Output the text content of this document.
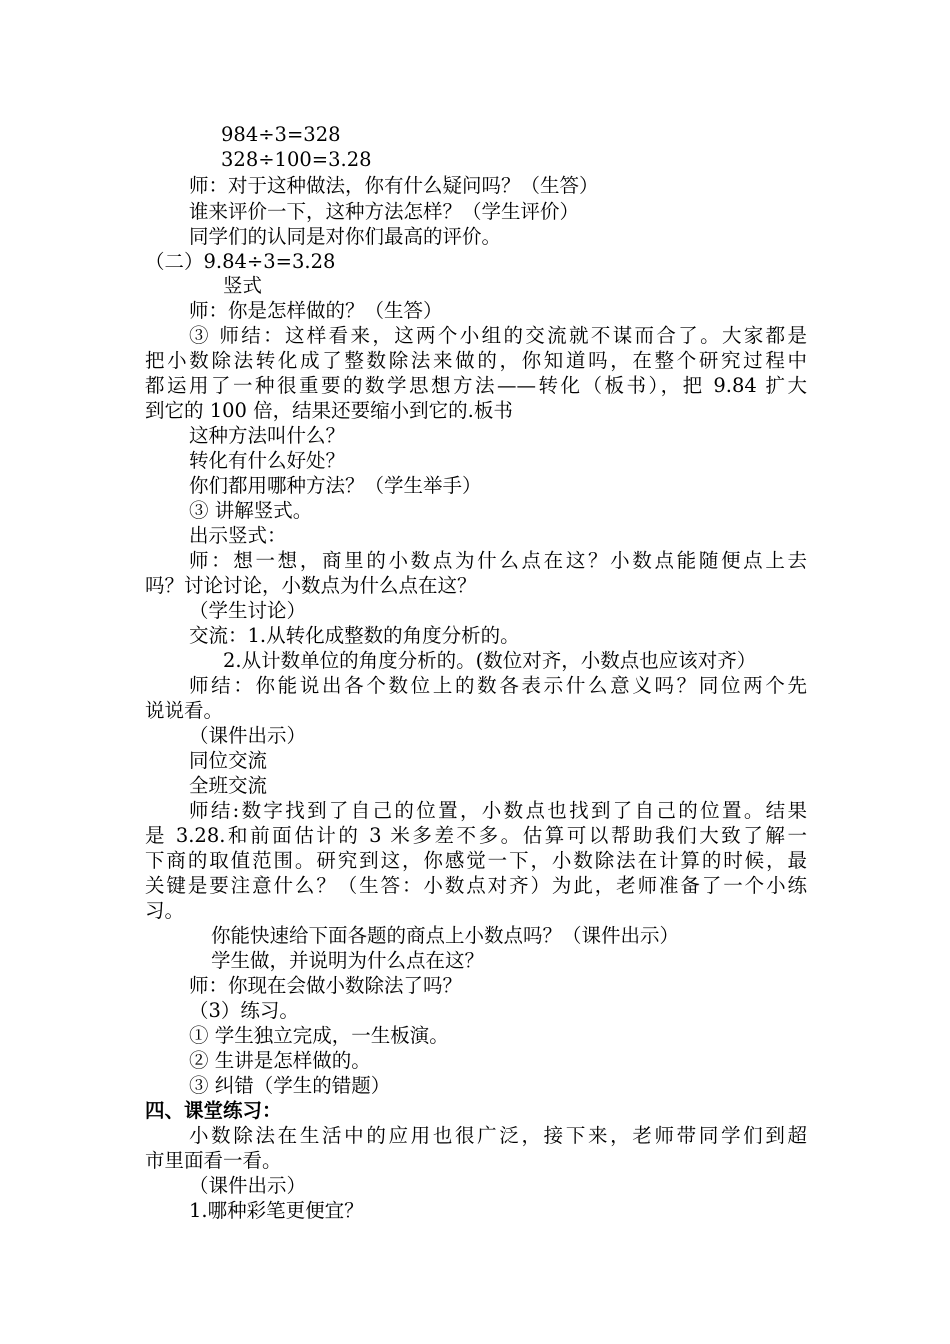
984÷3=328
328÷100=3.28
师：对于这种做法，你有什么疑问吗？（生答）
谁来评价一下，这种方法怎样？（学生评价）
同学们的认同是对你们最高的评价。
（二）9.84÷3=3.28
竖式
师：你是怎样做的？（生答）
③ 师结：这样看来，这两个小组的交流就不谋而合了。大家都是
把小数除法转化成了整数除法来做的，你知道吗，在整个研究过程中
都运用了一种很重要的数学思想方法——转化（板书），把 9.84 扩大
到它的 100 倍，结果还要缩小到它的.板书
这种方法叫什么？
转化有什么好处？
你们都用哪种方法？（学生举手）
③ 讲解竖式。
出示竖式：
师：想一想，商里的小数点为什么点在这？小数点能随便点上去
吗？讨论讨论，小数点为什么点在这？
（学生讨论）
交流：1.从转化成整数的角度分析的。
2.从计数单位的角度分析的。(数位对齐，小数点也应该对齐）
师结：你能说出各个数位上的数各表示什么意义吗？同位两个先
说说看。
（课件出示）
同位交流
全班交流
师结:数字找到了自己的位置，小数点也找到了自己的位置。结果
是 3.28.和前面估计的 3 米多差不多。估算可以帮助我们大致了解一
下商的取值范围。研究到这，你感觉一下，小数除法在计算的时候，最
关键是要注意什么？（生答：小数点对齐）为此，老师准备了一个小练
习。
你能快速给下面各题的商点上小数点吗？（课件出示）
学生做，并说明为什么点在这？
师：你现在会做小数除法了吗？
（3）练习。
① 学生独立完成，一生板演。
② 生讲是怎样做的。
③ 纠错（学生的错题）
四、课堂练习：
小数除法在生活中的应用也很广泛，接下来，老师带同学们到超
市里面看一看。
（课件出示）
1.哪种彩笔更便宜？
